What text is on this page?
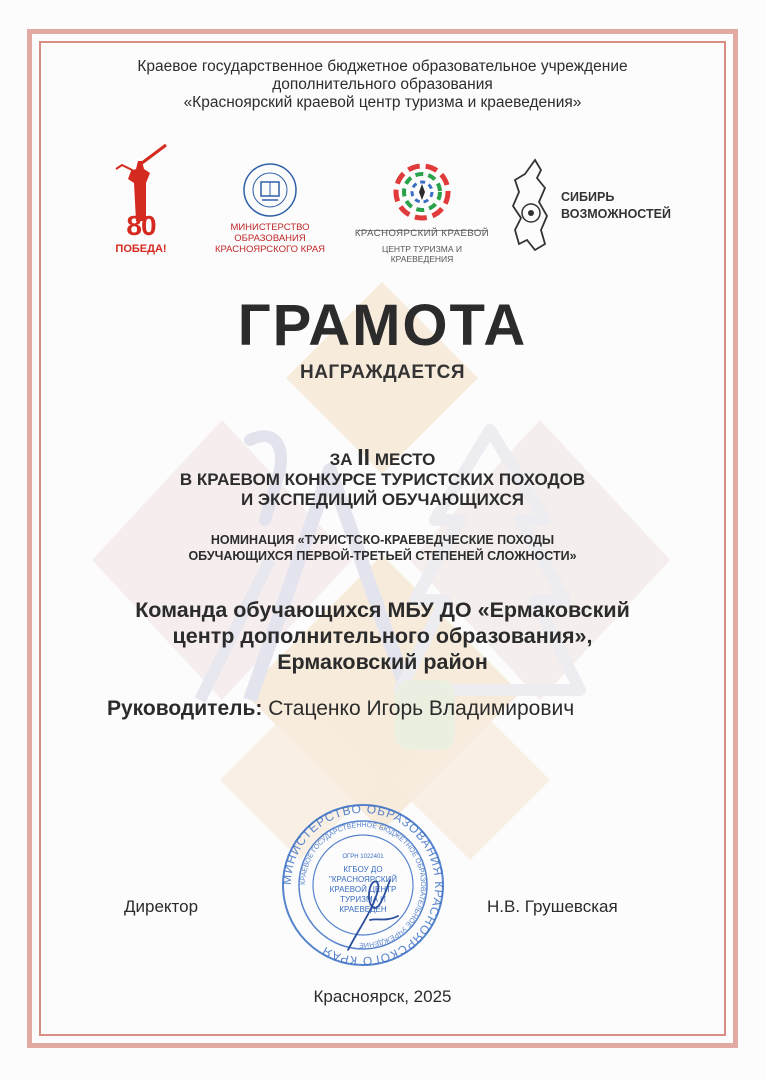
Краевое государственное бюджетное образовательное учреждение
дополнительного образования
«Красноярский краевой центр туризма и краеведения»
80
ПОБЕДА!
МИНИСТЕРСТВО
ОБРАЗОВАНИЯ
КРАСНОЯРСКОГО КРАЯ
КРАСНОЯРСКИЙ КРАЕВОЙ
ЦЕНТР ТУРИЗМА И КРАЕВЕДЕНИЯ
СИБИРЬ
ВОЗМОЖНОСТЕЙ
ГРАМОТА
НАГРАЖДАЕТСЯ
ЗА II МЕСТО
В КРАЕВОМ КОНКУРСЕ ТУРИСТСКИХ ПОХОДОВ
И ЭКСПЕДИЦИЙ ОБУЧАЮЩИХСЯ
НОМИНАЦИЯ «ТУРИСТСКО-КРАЕВЕДЧЕСКИЕ ПОХОДЫ
ОБУЧАЮЩИХСЯ ПЕРВОЙ-ТРЕТЬЕЙ СТЕПЕНЕЙ СЛОЖНОСТИ»
Команда обучающихся МБУ ДО «Ермаковский
центр дополнительного образования»,
Ермаковский район
Руководитель: Стаценко Игорь Владимирович
МИНИСТЕРСТВО ОБРАЗОВАНИЯ КРАСНОЯРСКОГО КРАЯ
КРАЕВОЕ ГОСУДАРСТВЕННОЕ БЮДЖЕТНОЕ ОБРАЗОВАТЕЛЬНОЕ УЧРЕЖДЕНИЕ
ОГРН 1022401
КГБОУ ДО
"КРАСНОЯРСКИЙ
КРАЕВОЙ ЦЕНТР
ТУРИЗМА И
КРАЕВЕДЕН
Директор	Н.В. Грушевская
Красноярск, 2025
